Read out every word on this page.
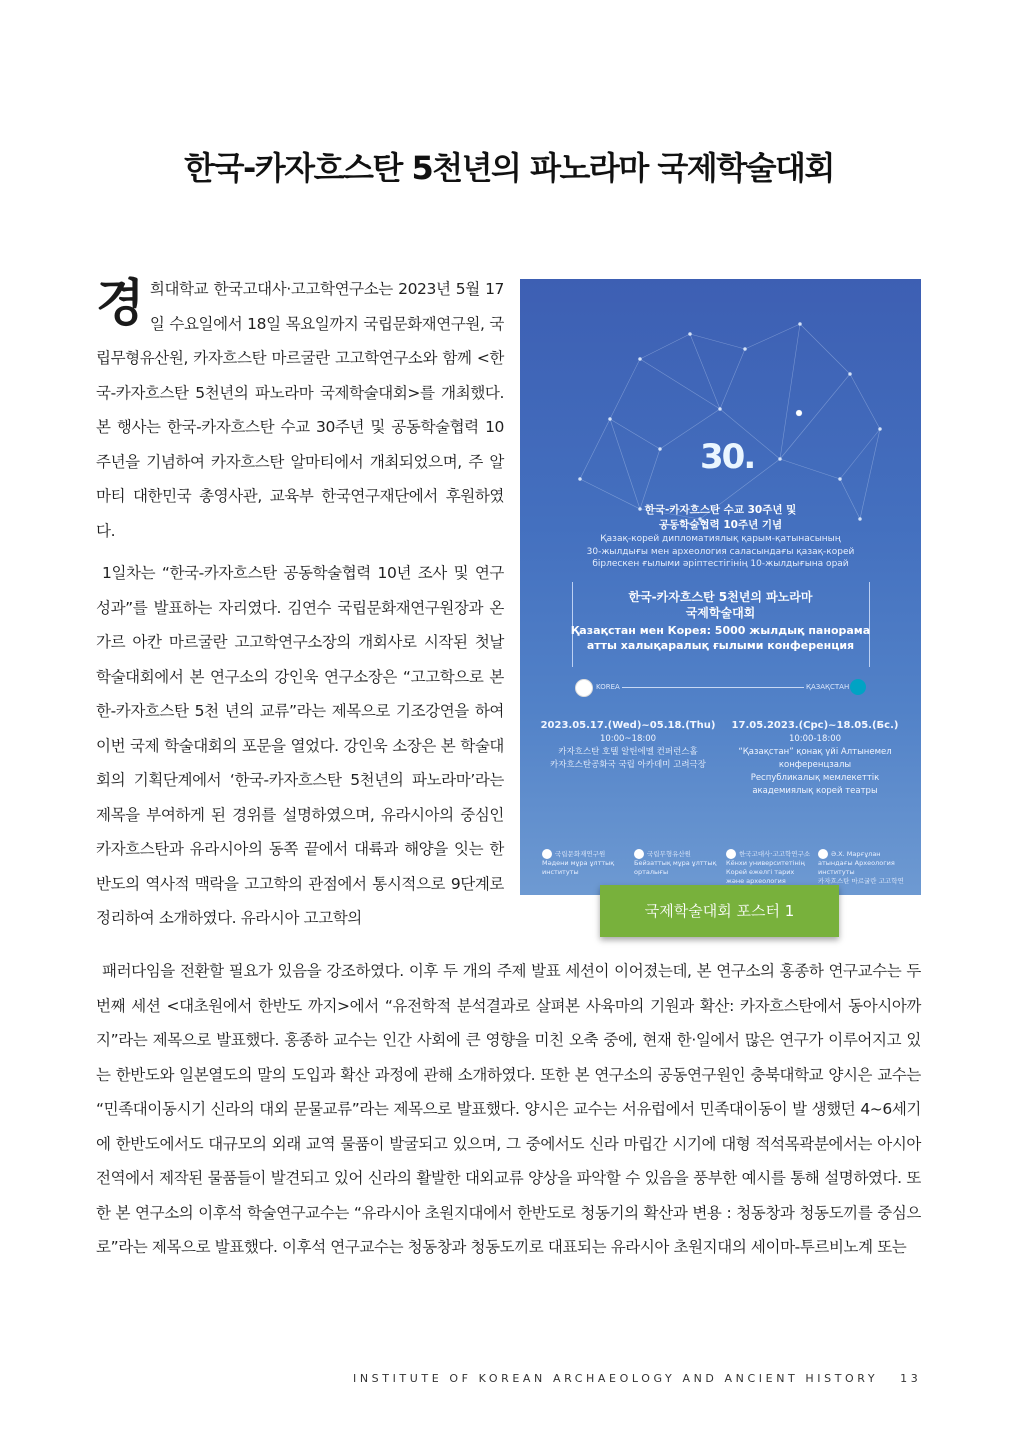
한국-카자흐스탄 5천년의 파노라마 국제학술대회

경희대학교 한국고대사·고고학연구소는 2023년 5월 17일 수요일에서 18일 목요일까지 국립문화재연구원, 국립무형유산원, 카자흐스탄 마르굴란 고고학연구소와 함께 <한국-카자흐스탄 5천년의 파노라마 국제학술대회>를 개최했다. 본 행사는 한국-카자흐스탄 수교 30주년 및 공동학술협력 10주년을 기념하여 카자흐스탄 알마티에서 개최되었으며, 주 알마티 대한민국 총영사관, 교육부 한국연구재단에서 후원하였다.

1일차는 “한국-카자흐스탄 공동학술협력 10년 조사 및 연구성과”를 발표하는 자리였다. 김연수 국립문화재연구원장과 온가르 아칸 마르굴란 고고학연구소장의 개회사로 시작된 첫날 학술대회에서 본 연구소의 강인욱 연구소장은 “고고학으로 본 한-카자흐스탄 5천 년의 교류”라는 제목으로 기조강연을 하여 이번 국제 학술대회의 포문을 열었다. 강인욱 소장은 본 학술대회의 기획단계에서 ‘한국-카자흐스탄 5천년의 파노라마’라는 제목을 부여하게 된 경위를 설명하였으며, 유라시아의 중심인 카자흐스탄과 유라시아의 동쪽 끝에서 대륙과 해양을 잇는 한반도의 역사적 맥락을 고고학의 관점에서 통시적으로 9단계로 정리하여 소개하였다. 유라시아 고고학의

30.
한국-카자흐스탄 수교 30주년 및
공동학술협력 10주년 기념
Қазақ-корей дипломатиялық қарым-қатынасының
30-жылдығы мен археология саласындағы қазақ-корей
бірлескен ғылыми әріптестігінің 10-жылдығына орай
한국-카자흐스탄 5천년의 파노라마
국제학술대회
Қазақстан мен Корея: 5000 жылдық панорама
атты халықаралық ғылыми конференция
KOREA	ҚАЗАҚСТАН
2023.05.17.(Wed)~05.18.(Thu)
10:00~18:00
카자흐스탄 호텔 알틴에멜 컨퍼런스홀
카자흐스탄공화국 국립 아카데미 고려극장
17.05.2023.(Срс)~18.05.(Бс.)
10:00-18:00
“Қазақстан” қонақ үйі Алтынемел конференцзалы
Республикалық мемлекеттік академиялық корей театры
국립문화재연구원
Мәдени мұра ұлттық институты
국립무형유산원
Бейзаттық мұра ұлттық орталығы
한국고대사·고고학연구소
Кёнхи университетінің Корей ежелгі тарих және археология
Ә.Х. Марғұлан атындағы Археология институты
카자흐스탄 마르굴란 고고학연
국제학술대회 포스터 1

패러다임을 전환할 필요가 있음을 강조하였다. 이후 두 개의 주제 발표 세션이 이어졌는데, 본 연구소의 홍종하 연구교수는 두 번째 세션 <대초원에서 한반도 까지>에서 “유전학적 분석결과로 살펴본 사육마의 기원과 확산: 카자흐스탄에서 동아시아까 지”라는 제목으로 발표했다. 홍종하 교수는 인간 사회에 큰 영향을 미친 오축 중에, 현재 한·일에서 많은 연구가 이루어지고 있는 한반도와 일본열도의 말의 도입과 확산 과정에 관해 소개하였다. 또한 본 연구소의 공동연구원인 충북대학교 양시은 교수는 “민족대이동시기 신라의 대외 문물교류”라는 제목으로 발표했다. 양시은 교수는 서유럽에서 민족대이동이 발 생했던 4~6세기에 한반도에서도 대규모의 외래 교역 물품이 발굴되고 있으며, 그 중에서도 신라 마립간 시기에 대형 적석목곽분에서는 아시아 전역에서 제작된 물품들이 발견되고 있어 신라의 활발한 대외교류 양상을 파악할 수 있음을 풍부한 예시를 통해 설명하였다. 또한 본 연구소의 이후석 학술연구교수는 “유라시아 초원지대에서 한반도로 청동기의 확산과 변용 : 청동창과 청동도끼를 중심으로”라는 제목으로 발표했다. 이후석 연구교수는 청동창과 청동도끼로 대표되는 유라시아 초원지대의 세이마-투르비노계 또는

INSTITUTE OF KOREAN ARCHAEOLOGY AND ANCIENT HISTORY 13
